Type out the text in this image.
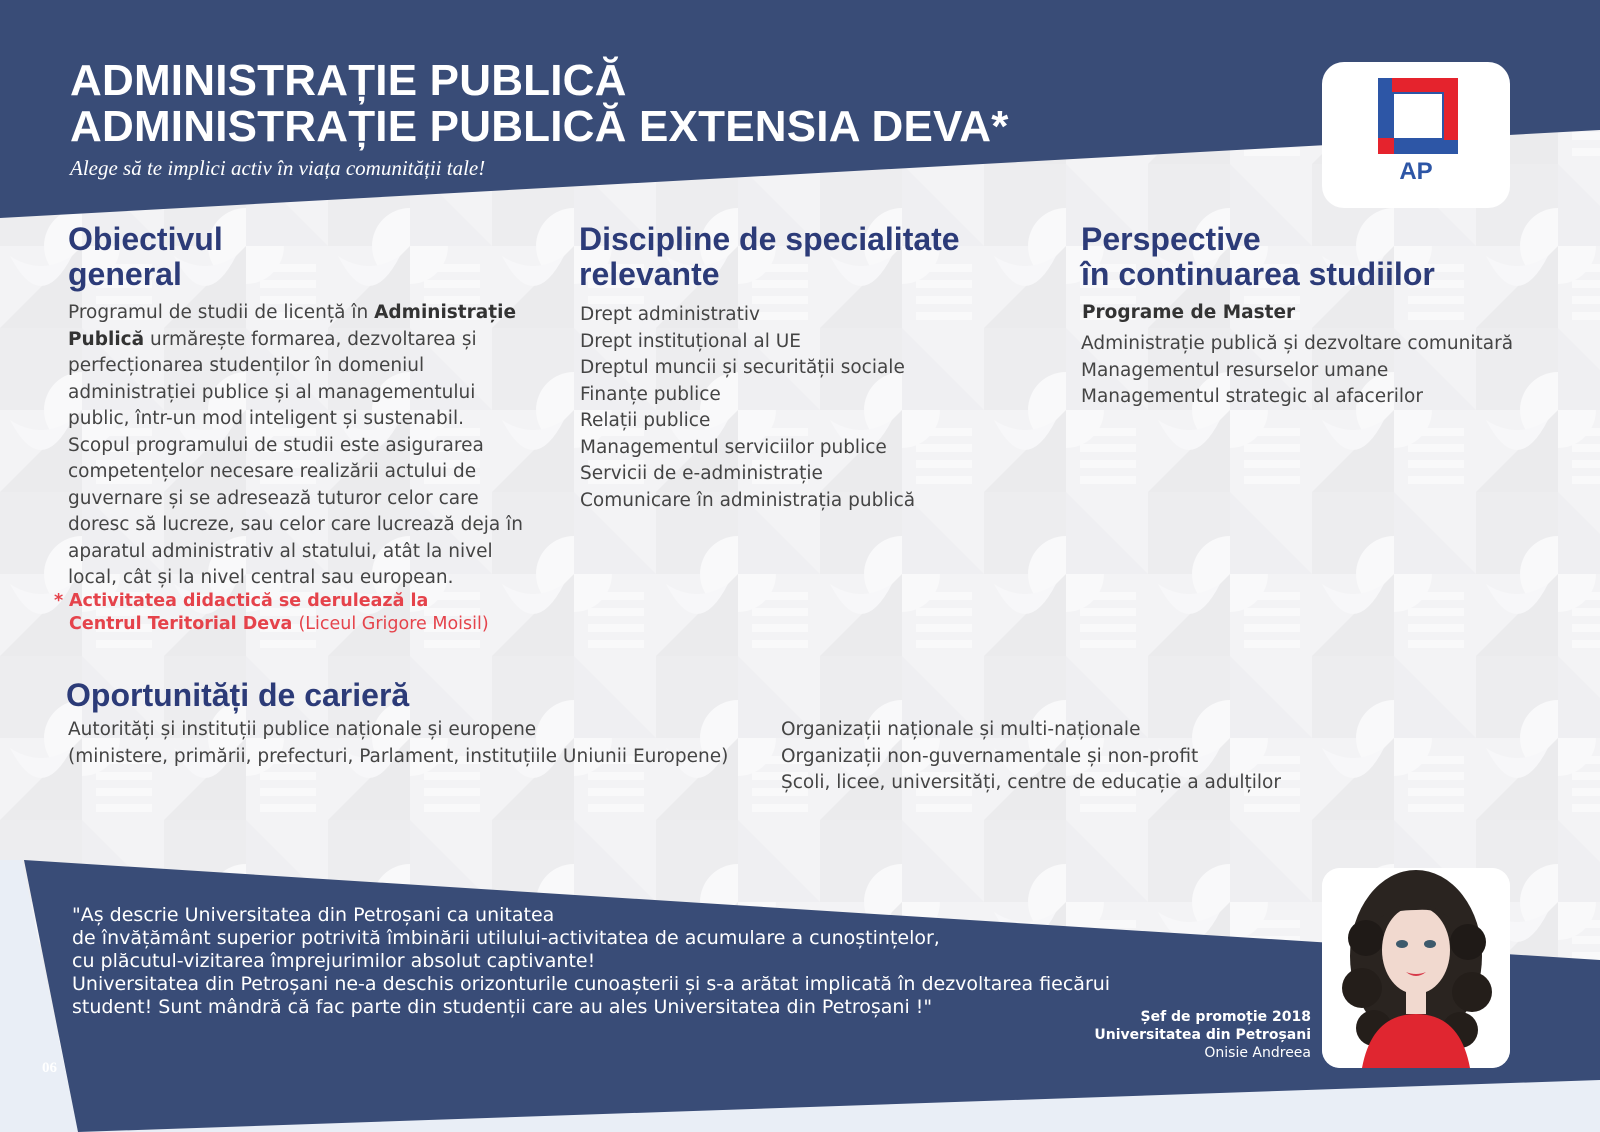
ADMINISTRAȚIE PUBLICĂ
ADMINISTRAȚIE PUBLICĂ EXTENSIA DEVA*

Alege să te implici activ în viața comunității tale!	AP
Obiectivul
general

Programul de studii de licență în Administrație Publică urmărește formarea, dezvoltarea și perfecționarea studenților în domeniul administrației publice și al managementului public, într-un mod inteligent și sustenabil. Scopul programului de studii este asigurarea competențelor necesare realizării actului de guvernare și se adresează tuturor celor care doresc să lucreze, sau celor care lucrează deja în aparatul administrativ al statului, atât la nivel local, cât și la nivel central sau european.

* Activitatea didactică se derulează la
Centrul Teritorial Deva (Liceul Grigore Moisil)

Discipline de specialitate
relevante
Drept administrativ
Drept instituțional al UE
Dreptul muncii și securității sociale
Finanțe publice
Relații publice
Managementul serviciilor publice
Servicii de e-administrație
Comunicare în administrația publică
Perspective
în continuarea studiilor

Programe de Master

Administrație publică și dezvoltare comunitară
Managementul resurselor umane
Managementul strategic al afacerilor
Oportunități de carieră
Autorități și instituții publice naționale și europene
(ministere, primării, prefecturi, Parlament, instituțiile Uniunii Europene)
Organizații naționale și multi-naționale
Organizații non-guvernamentale și non-profit
Școli, licee, universități, centre de educație a adulților

"Aș descrie Universitatea din Petroșani ca unitatea
de învățământ superior potrivită îmbinării utilului-activitatea de acumulare a cunoștințelor,
cu plăcutul-vizitarea împrejurimilor absolut captivante!
Universitatea din Petroșani ne-a deschis orizonturile cunoașterii și s-a arătat implicată în dezvoltarea fiecărui
student! Sunt mândră că fac parte din studenții care au ales Universitatea din Petroșani !"	Șef de promoție 2018
Universitatea din Petroșani
Onisie Andreea

06
